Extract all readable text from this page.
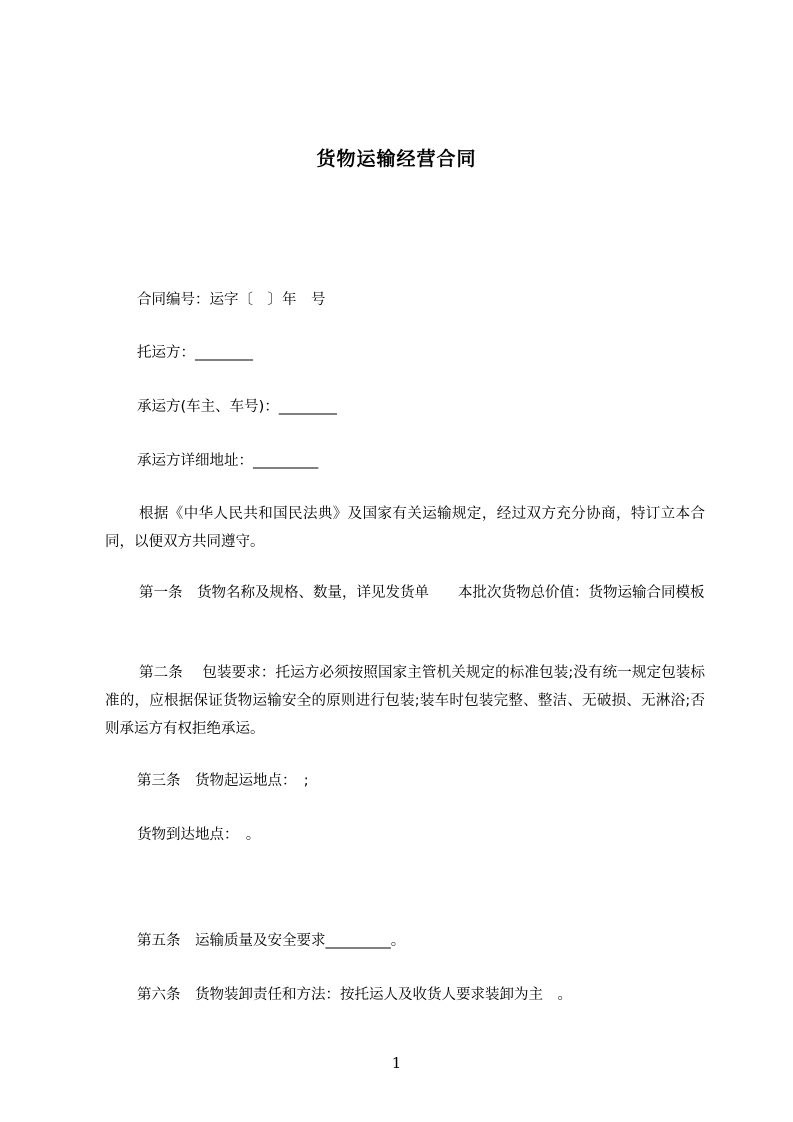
货物运输经营合同
合同编号：运字〔　〕年　号
托运方：________
承运方(车主、车号)：________
承运方详细地址：_________
根据《中华人民共和国民法典》及国家有关运输规定，经过双方充分协商，特订立本合同，以便双方共同遵守。
第一条　货物名称及规格、数量，详见发货单　　本批次货物总价值：货物运输合同模板
第二条　 包装要求：托运方必须按照国家主管机关规定的标准包装;没有统一规定包装标准的，应根据保证货物运输安全的原则进行包装;装车时包装完整、整洁、无破损、无淋浴;否则承运方有权拒绝承运。
第三条　货物起运地点：　;
货物到达地点：　。
第五条　运输质量及安全要求_________。
第六条　货物装卸责任和方法：按托运人及收货人要求装卸为主　。
1
